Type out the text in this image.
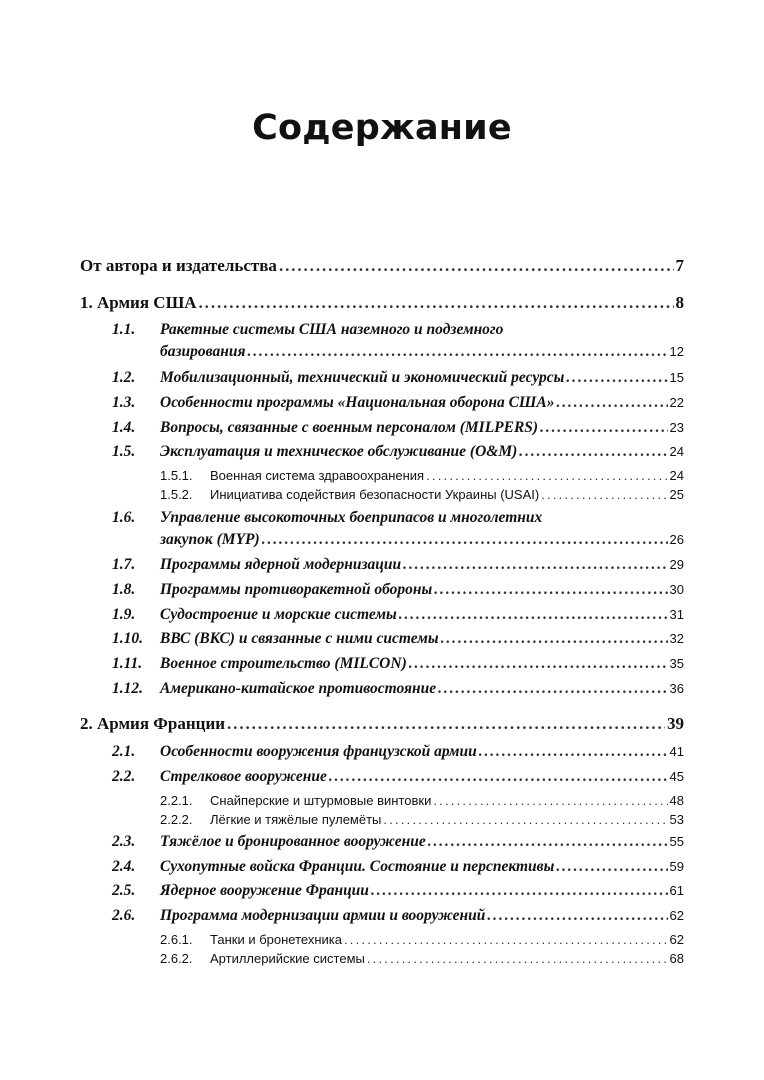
Содержание
От автора и издательства .....	7
1. Армия США .....	8
1.1. Ракетные системы США наземного и подземного
базирования .....	12
1.2. Мобилизационный, технический и экономический ресурсы .....	15
1.3. Особенности программы «Национальная оборона США» .....	22
1.4. Вопросы, связанные с военным персоналом (MILPERS) .....	23
1.5. Эксплуатация и техническое обслуживание (O&M) .....	24
1.5.1. Военная система здравоохранения .....	24
1.5.2. Инициатива содействия безопасности Украины (USAI) .....	25
1.6. Управление высокоточных боеприпасов и многолетних
закупок (MYP) .....	26
1.7. Программы ядерной модернизации .....	29
1.8. Программы противоракетной обороны .....	30
1.9. Судостроение и морские системы .....	31
1.10. ВВС (ВКС) и связанные с ними системы .....	32
1.11. Военное строительство (MILCON) .....	35
1.12. Американо-китайское противостояние .....	36
2. Армия Франции .....	39
2.1. Особенности вооружения французской армии .....	41
2.2. Стрелковое вооружение .....	45
2.2.1. Снайперские и штурмовые винтовки .....	48
2.2.2. Лёгкие и тяжёлые пулемёты .....	53
2.3. Тяжёлое и бронированное вооружение .....	55
2.4. Сухопутные войска Франции. Состояние и перспективы .....	59
2.5. Ядерное вооружение Франции .....	61
2.6. Программа модернизации армии и вооружений .....	62
2.6.1. Танки и бронетехника .....	62
2.6.2. Артиллерийские системы .....	68
